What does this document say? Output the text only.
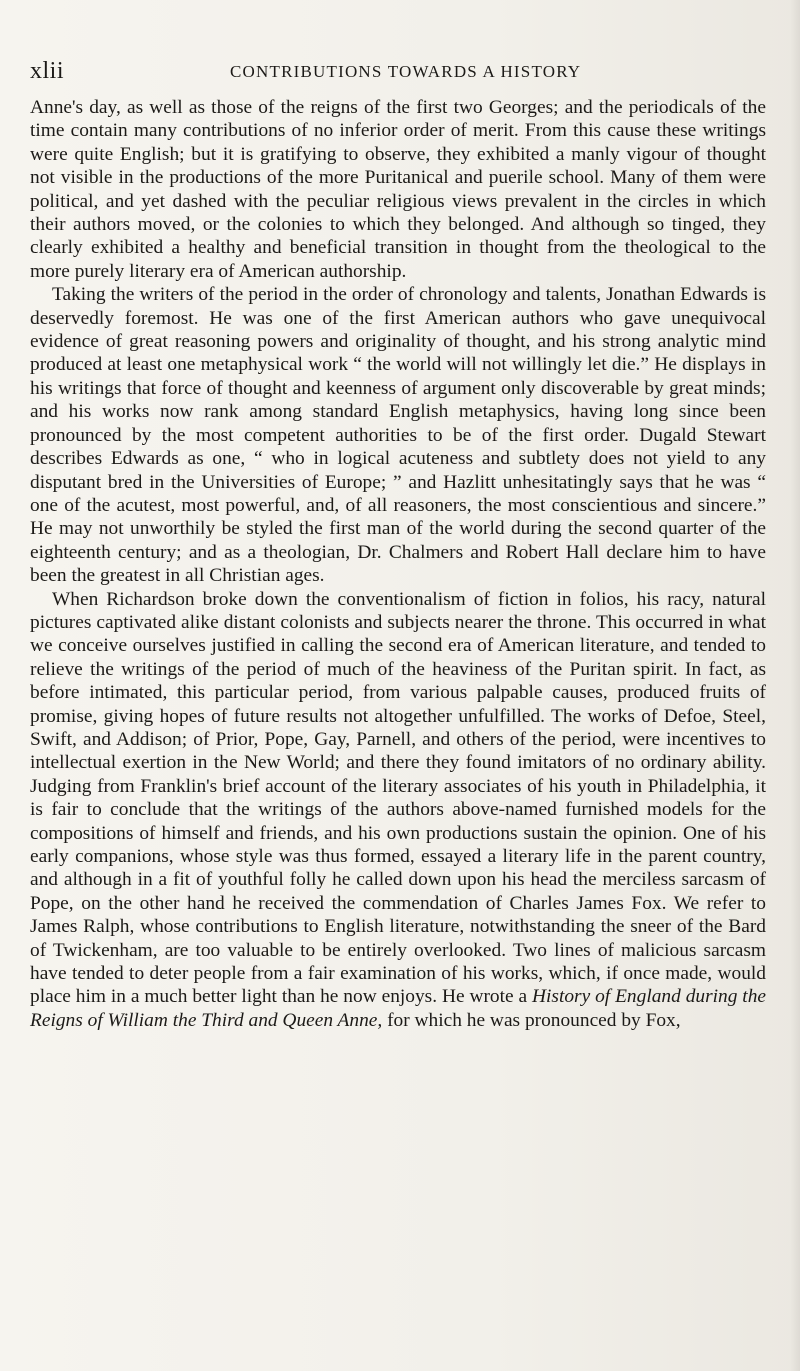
xlii	CONTRIBUTIONS TOWARDS A HISTORY

Anne's day, as well as those of the reigns of the first two Georges; and the periodicals of the time contain many contributions of no inferior order of merit. From this cause these writings were quite English; but it is gratifying to observe, they exhibited a manly vigour of thought not visible in the productions of the more Puritanical and puerile school. Many of them were political, and yet dashed with the peculiar religious views prevalent in the circles in which their authors moved, or the colonies to which they belonged. And although so tinged, they clearly exhibited a healthy and beneficial transition in thought from the theological to the more purely literary era of American authorship.

Taking the writers of the period in the order of chronology and talents, Jonathan Edwards is deservedly foremost. He was one of the first American authors who gave unequivocal evidence of great reasoning powers and originality of thought, and his strong analytic mind produced at least one metaphysical work “ the world will not willingly let die.” He displays in his writings that force of thought and keenness of argument only discoverable by great minds; and his works now rank among standard English metaphysics, having long since been pronounced by the most competent authorities to be of the first order. Dugald Stewart describes Edwards as one, “ who in logical acuteness and subtlety does not yield to any disputant bred in the Universities of Europe; ” and Hazlitt unhesitatingly says that he was “ one of the acutest, most powerful, and, of all reasoners, the most conscientious and sincere.” He may not unworthily be styled the first man of the world during the second quarter of the eighteenth century; and as a theologian, Dr. Chalmers and Robert Hall declare him to have been the greatest in all Christian ages.

When Richardson broke down the conventionalism of fiction in folios, his racy, natural pictures captivated alike distant colonists and subjects nearer the throne. This occurred in what we conceive ourselves justified in calling the second era of American literature, and tended to relieve the writings of the period of much of the heaviness of the Puritan spirit. In fact, as before intimated, this particular period, from various palpable causes, produced fruits of promise, giving hopes of future results not altogether unfulfilled. The works of Defoe, Steel, Swift, and Addison; of Prior, Pope, Gay, Parnell, and others of the period, were incentives to intellectual exertion in the New World; and there they found imitators of no ordinary ability. Judging from Franklin's brief account of the literary associates of his youth in Philadelphia, it is fair to conclude that the writings of the authors above-named furnished models for the compositions of himself and friends, and his own productions sustain the opinion. One of his early companions, whose style was thus formed, essayed a literary life in the parent country, and although in a fit of youthful folly he called down upon his head the merciless sarcasm of Pope, on the other hand he received the commendation of Charles James Fox. We refer to James Ralph, whose contributions to English literature, notwithstanding the sneer of the Bard of Twickenham, are too valuable to be entirely overlooked. Two lines of malicious sarcasm have tended to deter people from a fair examination of his works, which, if once made, would place him in a much better light than he now enjoys. He wrote a History of England during the Reigns of William the Third and Queen Anne, for which he was pronounced by Fox,
